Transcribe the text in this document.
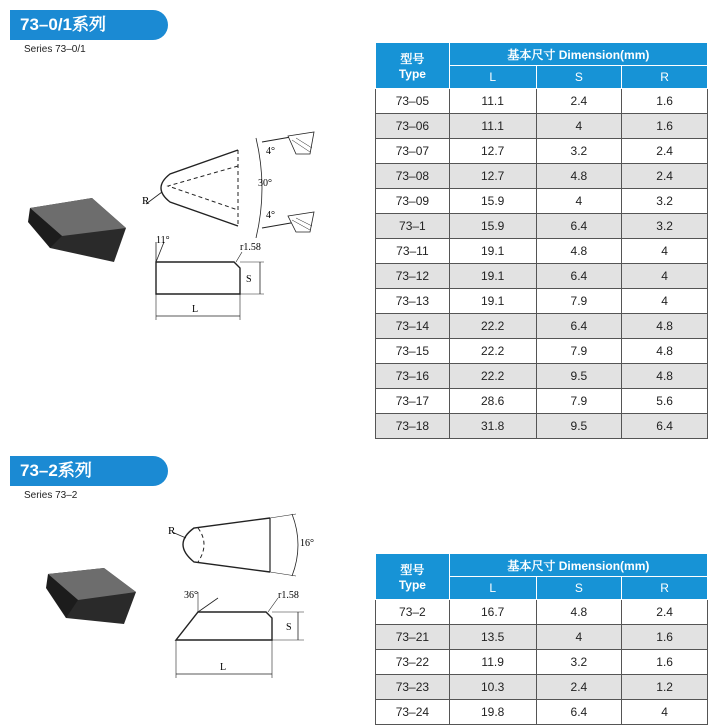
73–0/1系列
Series 73–0/1
4°
30°
4°
R
11°
r1.58
S
L
型号
Type	基本尺寸 Dimension(mm)		
	L	S	R
73–05	11.1	2.4	1.6
73–06	11.1	4	1.6
73–07	12.7	3.2	2.4
73–08	12.7	4.8	2.4
73–09	15.9	4	3.2
73–1	15.9	6.4	3.2
73–11	19.1	4.8	4
73–12	19.1	6.4	4
73–13	19.1	7.9	4
73–14	22.2	6.4	4.8
73–15	22.2	7.9	4.8
73–16	22.2	9.5	4.8
73–17	28.6	7.9	5.6
73–18	31.8	9.5	6.4
73–2系列
Series 73–2
16°
R
36°	r1.58
S
L
型号
Type	基本尺寸 Dimension(mm)		
	L	S	R
73–2	16.7	4.8	2.4
73–21	13.5	4	1.6
73–22	11.9	3.2	1.6
73–23	10.3	2.4	1.2
73–24	19.8	6.4	4
